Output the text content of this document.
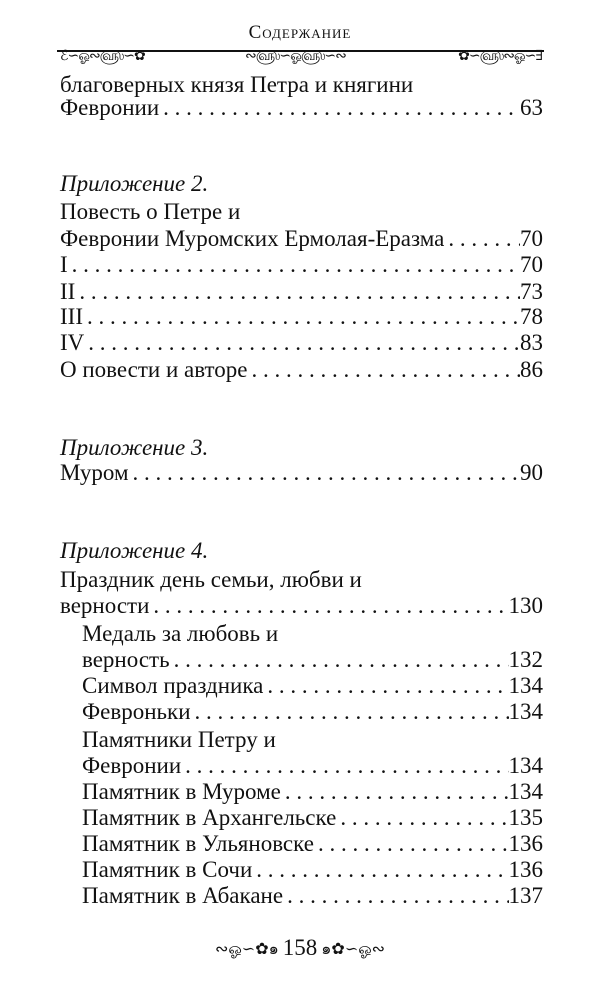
Содержание
ℰ∽ஓ∾௵∽✿	∾௵∽ஓ௵∽∾	✿∽௵∾ஓ∽∃
благоверных князя Петра и княгини
Февронии . . .	63
Приложение 2.
Повесть о Петре и
Февронии Муромских Ермолая-Еразма . . .	70
I . . .	70
II . . .	73
III . . .	78
IV . . .	83
О повести и авторе . . .	86
Приложение 3.
Муром . . .	90
Приложение 4.
Праздник день семьи, любви и
верности . . .	130
Медаль за любовь и
верность . . .	132
Символ праздника . . .	134
Февроньки . . .	134
Памятники Петру и
Февронии . . .	134
Памятник в Муроме . . .	134
Памятник в Архангельске . . .	135
Памятник в Ульяновске . . .	136
Памятник в Сочи . . .	136
Памятник в Абакане . . .	137
∾ஓ∽✿๑ 158 ๑✿∽ஓ∾
